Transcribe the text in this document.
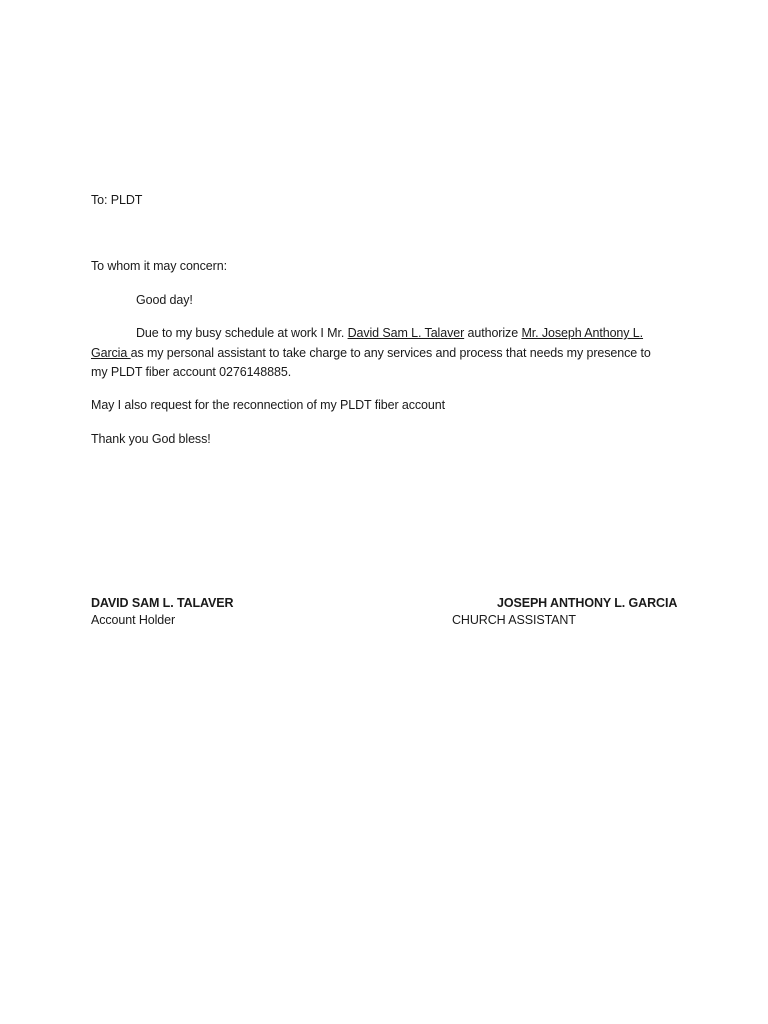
To: PLDT
To whom it may concern:
Good day!
Due to my busy schedule at work I Mr. David Sam L. Talaver authorize Mr. Joseph Anthony L.
Garcia as my personal assistant to take charge to any services and process that needs my presence to
my PLDT fiber account 0276148885.
May I also request for the reconnection of my PLDT fiber account
Thank you God bless!
DAVID SAM L. TALAVER
Account Holder
JOSEPH ANTHONY L. GARCIA
CHURCH ASSISTANT
